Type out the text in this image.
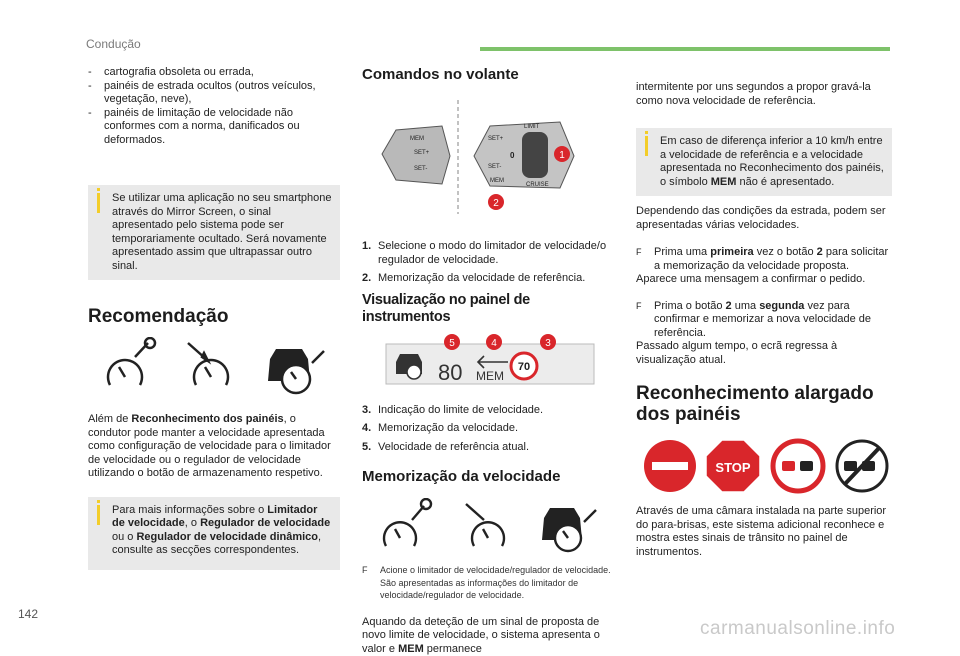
Condução

- cartografia obsoleta ou errada,

- painéis de estrada ocultos (outros veículos, vegetação, neve),

- painéis de limitação de velocidade não conformes com a norma, danificados ou deformados.

Se utilizar uma aplicação no seu smartphone através do Mirror Screen, o sinal apresentado pelo sistema pode ser temporariamente ocultado. Será novamente apresentado assim que ultrapassar outro sinal.
Recomendação

Além de Reconhecimento dos painéis, o condutor pode manter a velocidade apresentada como configuração de velocidade para o limitador de velocidade ou o regulador de velocidade utilizando o botão de armazenamento respetivo.

Para mais informações sobre o Limitador de velocidade, o Regulador de velocidade ou o Regulador de velocidade dinâmico, consulte as secções correspondentes.
Comandos no volante
MEM
SET+
SET-
LIMIT
CRUISE
0
SET+
SET-
MEM
1
2
1. Selecione o modo do limitador de velocidade/o regulador de velocidade.
2. Memorização da velocidade de referência.
Visualização no painel de instrumentos
80 MEM
70
5	4	3
3. Indicação do limite de velocidade.
4. Memorização da velocidade.
5. Velocidade de referência atual.
Memorização da velocidade
F	Acione o limitador de velocidade/regulador de velocidade. São apresentadas as informações do limitador de velocidade/regulador de velocidade.

Aquando da deteção de um sinal de proposta de novo limite de velocidade, o sistema apresenta o valor e MEM permanece

intermitente por uns segundos a propor gravá-la como nova velocidade de referência.

Em caso de diferença inferior a 10 km/h entre a velocidade de referência e a velocidade apresentada no Reconhecimento dos painéis, o símbolo MEM não é apresentado.

Dependendo das condições da estrada, podem ser apresentadas várias velocidades.

F	Prima uma primeira vez o botão 2 para solicitar a memorização da velocidade proposta.

Aparece uma mensagem a confirmar o pedido.

F	Prima o botão 2 uma segunda vez para confirmar e memorizar a nova velocidade de referência.

Passado algum tempo, o ecrã regressa à visualização atual.

Reconhecimento alargado dos painéis
STOP

Através de uma câmara instalada na parte superior do para-brisas, este sistema adicional reconhece e mostra estes sinais de trânsito no painel de instrumentos.

142
carmanualsonline.info
